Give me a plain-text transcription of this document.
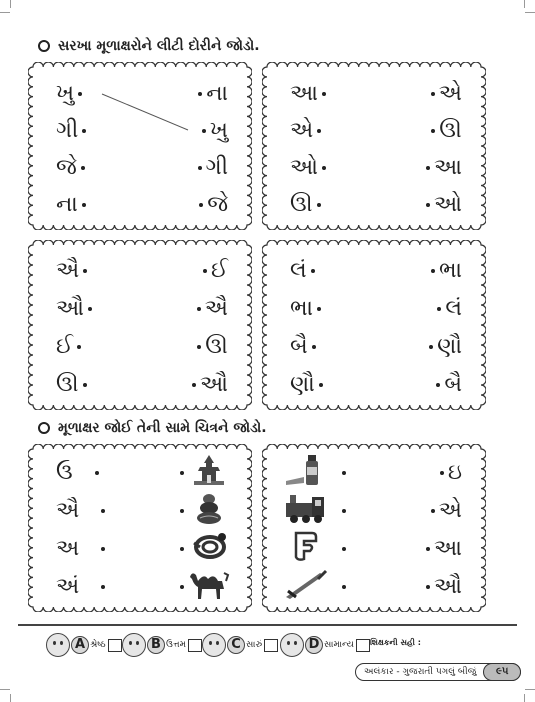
સરખા મૂળાક્ષરોને લીટી દોરીને જોડો.
ખુ	ના
ગી	ખુ
જે	ગી
ના	જે
આ	એ
એ	ઊ
ઓ	આ
ઊ	ઓ
ઐ	ઈ
ઔ	ઐ
ઈ	ઊ
ઊ	ઔ
લં	ભા
ભા	લં
બૈ	ણૌ
ણૌ	બૈ
મૂળાક્ષર જોઈ તેની સામે ચિત્રને જોડો.
ઉ
ઐ
અ
અં
ઇ
એ
આ
ઔ
A શ્રેષ્ઠ	B ઉત્તમ	C સારું	D સામાન્ય શિક્ષકની સહી :
અલંકાર - ગુજરાતી પગલું બીજું	૯૫
